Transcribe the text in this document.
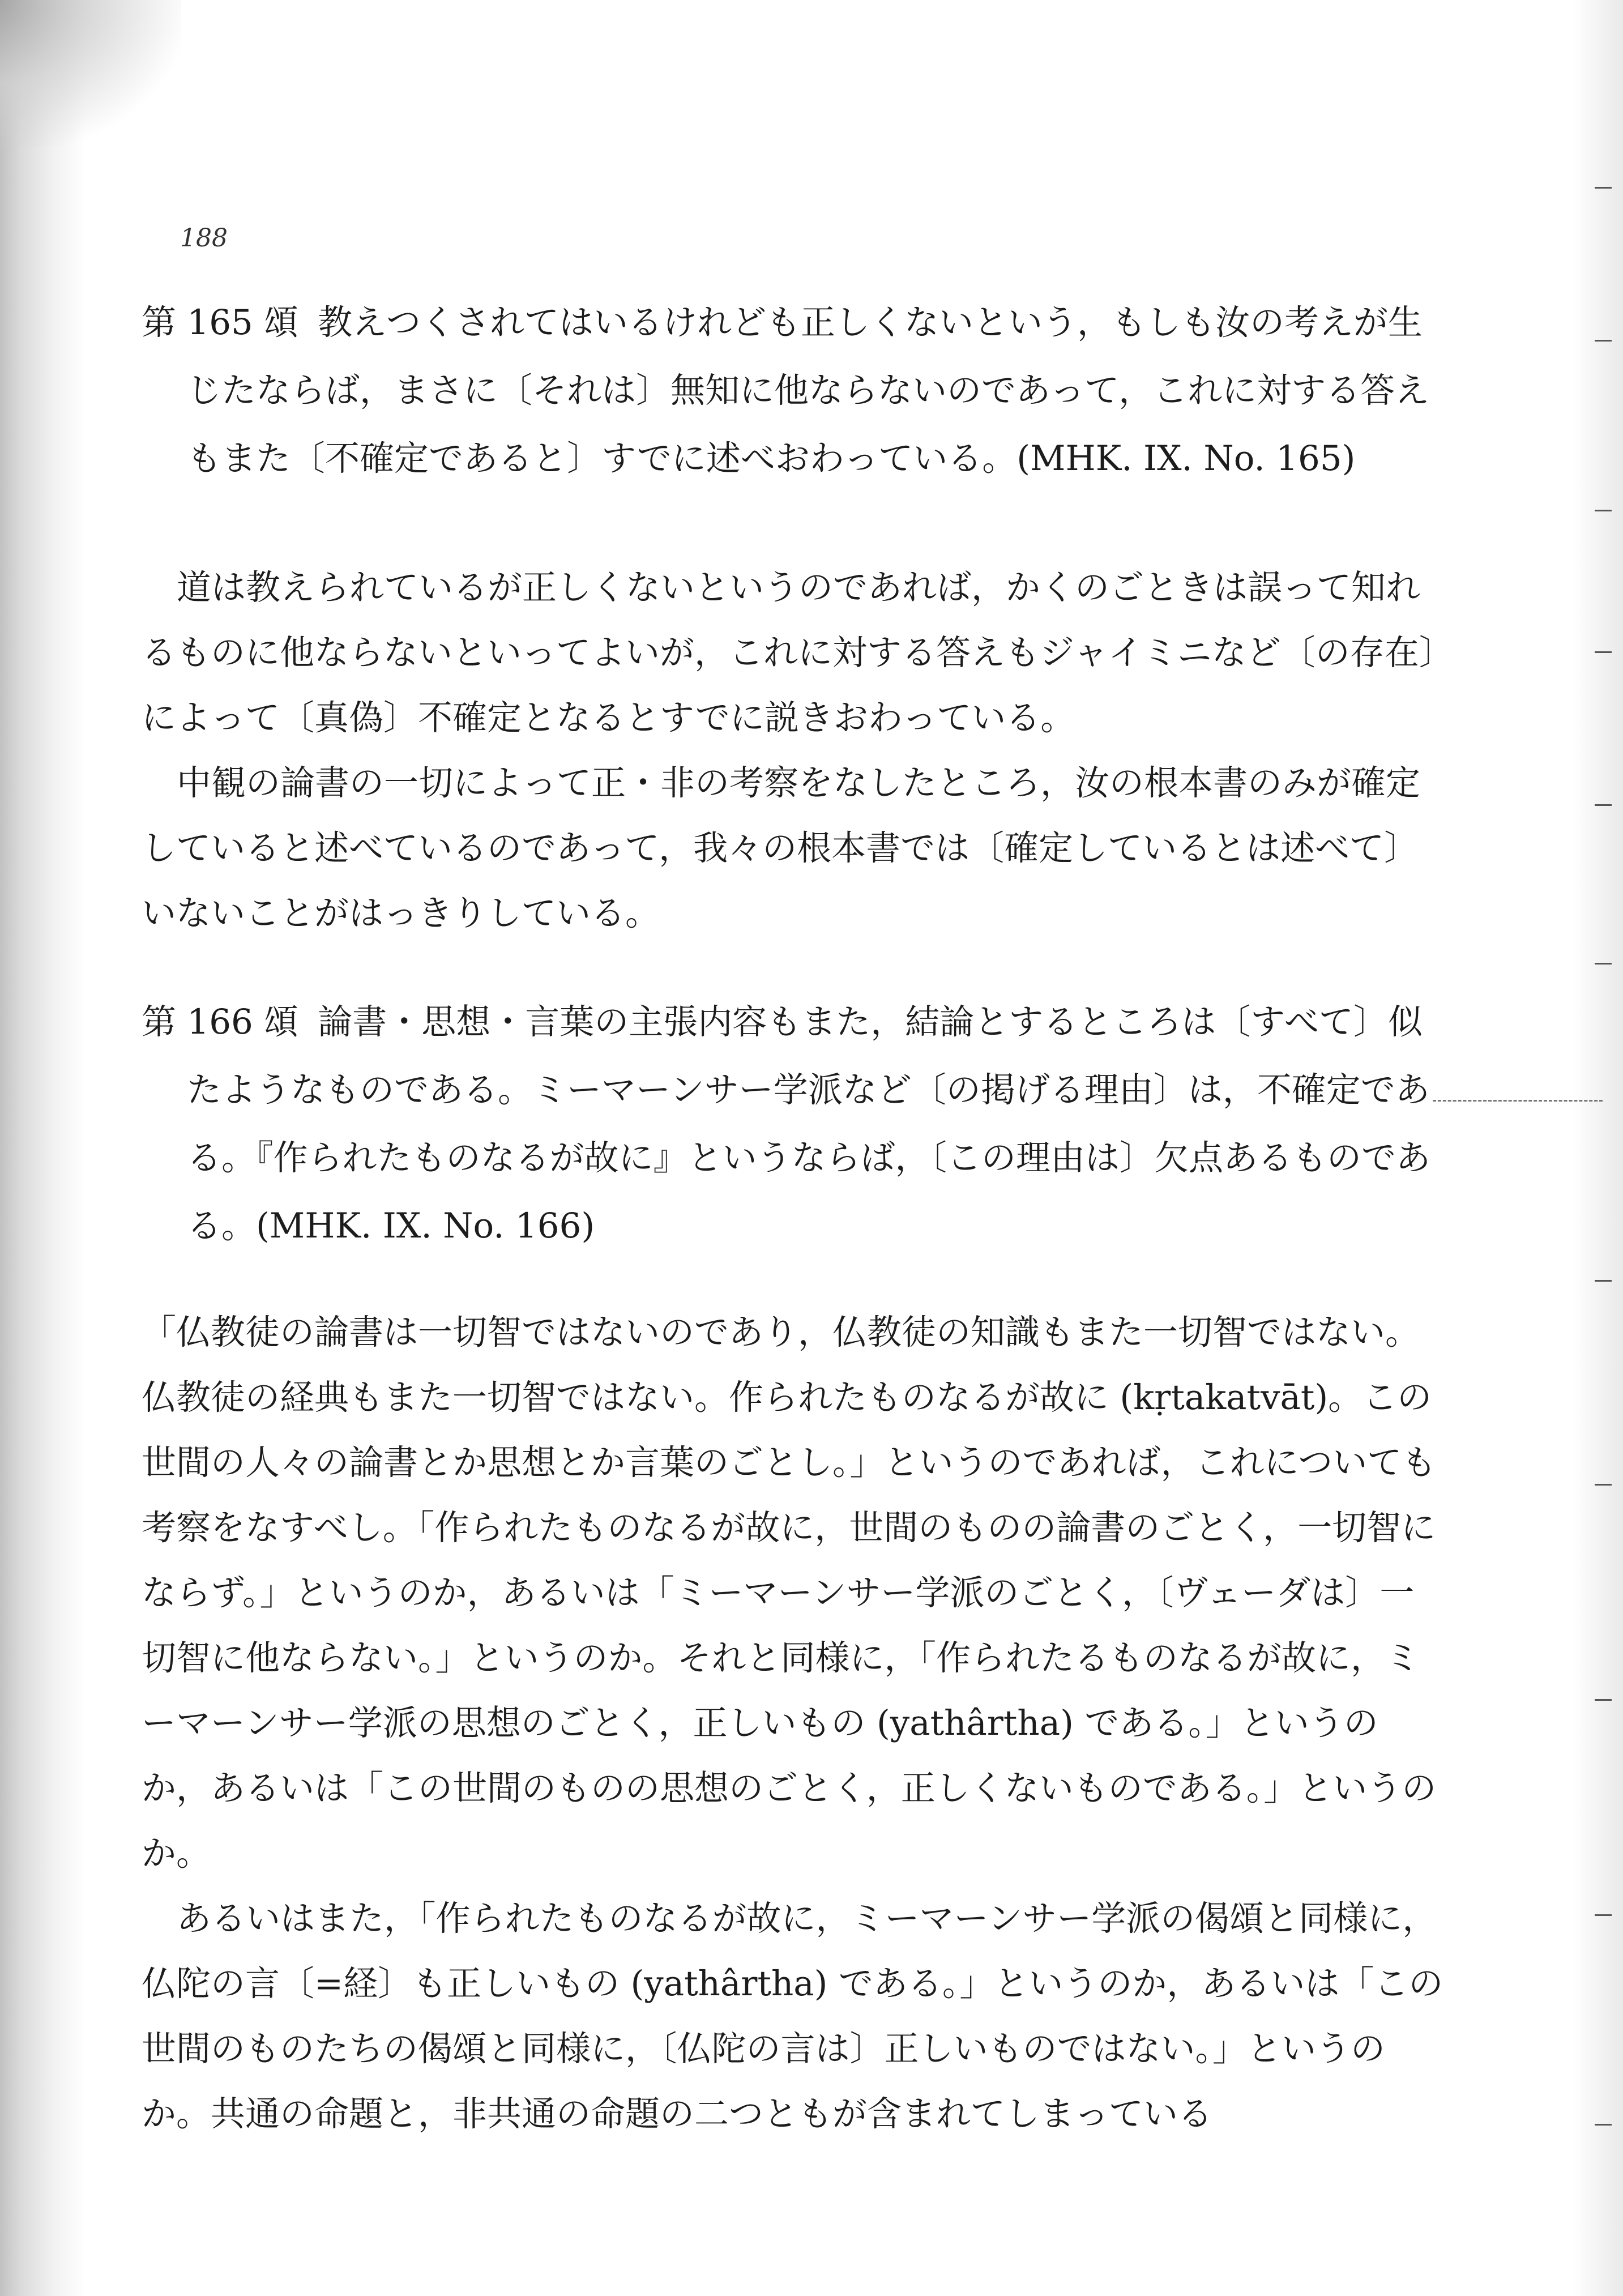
188

第 165 頌 教えつくされてはいるけれども正しくないという，もしも汝の考えが生じたならば，まさに〔それは〕無知に他ならないのであって，これに対する答えもまた〔不確定であると〕すでに述べおわっている。(MHK. IX. No. 165)

道は教えられているが正しくないというのであれば，かくのごときは誤って知れるものに他ならないといってよいが，これに対する答えもジャイミニなど〔の存在〕によって〔真偽〕不確定となるとすでに説きおわっている。

中観の論書の一切によって正・非の考察をなしたところ，汝の根本書のみが確定していると述べているのであって，我々の根本書では〔確定しているとは述べて〕いないことがはっきりしている。

第 166 頌 論書・思想・言葉の主張内容もまた，結論とするところは〔すべて〕似たようなものである。ミーマーンサー学派など〔の掲げる理由〕は，不確定である。『作られたものなるが故に』というならば，〔この理由は〕欠点あるものである。(MHK. IX. No. 166)

「仏教徒の論書は一切智ではないのであり，仏教徒の知識もまた一切智ではない。仏教徒の経典もまた一切智ではない。作られたものなるが故に (kṛtakatvāt)。この世間の人々の論書とか思想とか言葉のごとし。」というのであれば，これについても考察をなすべし。「作られたものなるが故に，世間のものの論書のごとく，一切智にならず。」というのか，あるいは「ミーマーンサー学派のごとく，〔ヴェーダは〕一切智に他ならない。」というのか。それと同様に，「作られたるものなるが故に，ミーマーンサー学派の思想のごとく，正しいもの (yathârtha) である。」というのか，あるいは「この世間のものの思想のごとく，正しくないものである。」というのか。

あるいはまた，「作られたものなるが故に，ミーマーンサー学派の偈頌と同様に，仏陀の言〔=経〕も正しいもの (yathârtha) である。」というのか，あるいは「この世間のものたちの偈頌と同様に，〔仏陀の言は〕正しいものではない。」というのか。共通の命題と，非共通の命題の二つともが含まれてしまっている
